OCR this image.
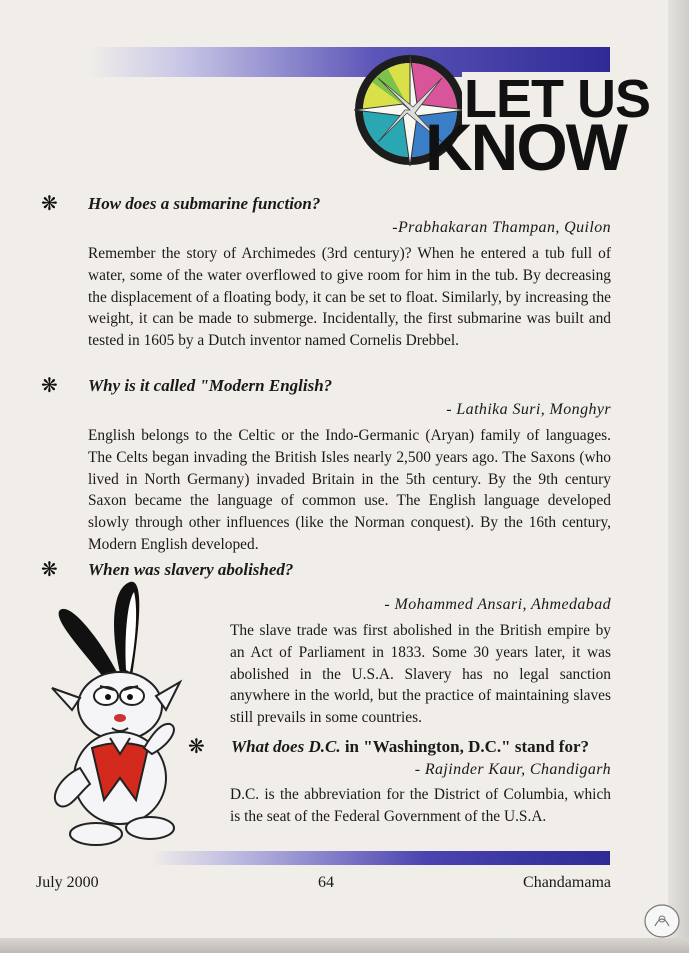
LET US
KNOW
❋ How does a submarine function?
-Prabhakaran Thampan, Quilon

Remember the story of Archimedes (3rd century)? When he entered a tub full of water, some of the water overflowed to give room for him in the tub. By decreasing the displacement of a floating body, it can be set to float. Similarly, by increasing the weight, it can be made to submerge. Incidentally, the first submarine was built and tested in 1605 by a Dutch inventor named Cornelis Drebbel.

❋ Why is it called "Modern English?
- Lathika Suri, Monghyr

English belongs to the Celtic or the Indo-Germanic (Aryan) family of languages. The Celts began invading the British Isles nearly 2,500 years ago. The Saxons (who lived in North Germany) invaded Britain in the 5th century. By the 9th century Saxon became the language of common use. The English language developed slowly through other influences (like the Norman conquest). By the 16th century, Modern English developed.

❋ When was slavery abolished?
- Mohammed Ansari, Ahmedabad

The slave trade was first abolished in the British empire by an Act of Parliament in 1833. Some 30 years later, it was abolished in the U.S.A. Slavery has no legal sanction anywhere in the world, but the practice of maintaining slaves still prevails in some countries.

❋ What does D.C. in "Washington, D.C." stand for?
- Rajinder Kaur, Chandigarh

D.C. is the abbreviation for the District of Columbia, which is the seat of the Federal Government of the U.S.A.

July 2000	64	Chandamama
